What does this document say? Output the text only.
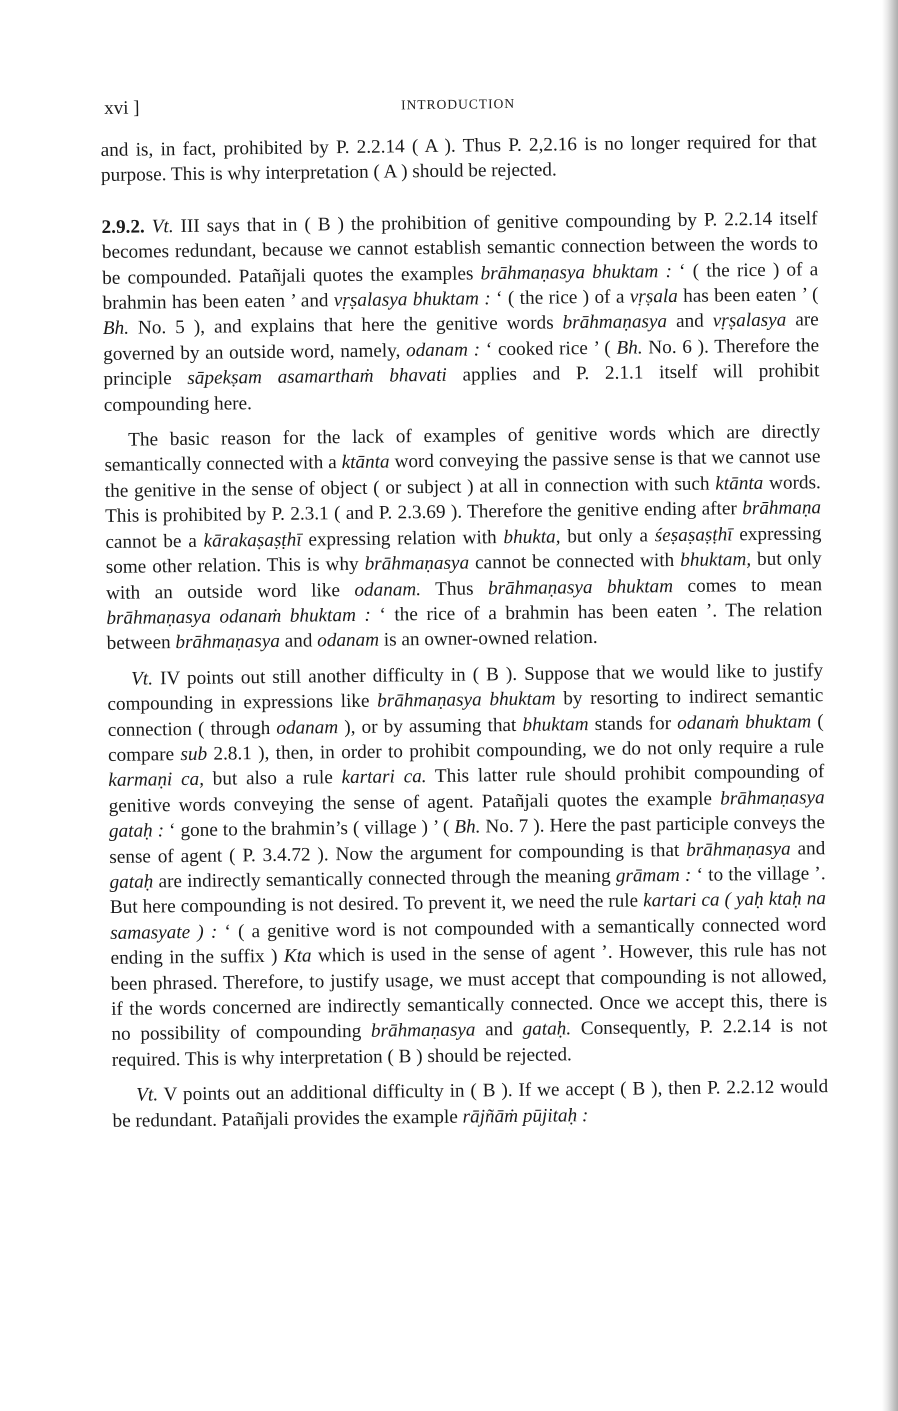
xvi ]	INTRODUCTION

and is, in fact, prohibited by P. 2.2.14 ( A ). Thus P. 2,2.16 is no longer required for that purpose. This is why interpretation ( A ) should be rejected.

2.9.2. Vt. III says that in ( B ) the prohibition of genitive compounding by P. 2.2.14 itself becomes redundant, because we cannot establish semantic connection between the words to be compounded. Patañjali quotes the examples brāhmaṇasya bhuktam : ‘ ( the rice ) of a brahmin has been eaten ’ and vṛṣalasya bhuktam : ‘ ( the rice ) of a vṛṣala has been eaten ’ ( Bh. No. 5 ), and explains that here the genitive words brāhmaṇasya and vṛṣalasya are governed by an outside word, namely, odanam : ‘ cooked rice ’ ( Bh. No. 6 ). Therefore the principle sāpekṣam asamarthaṁ bhavati applies and P. 2.1.1 itself will prohibit compounding here.

The basic reason for the lack of examples of genitive words which are directly semantically connected with a ktānta word conveying the passive sense is that we cannot use the genitive in the sense of object ( or subject ) at all in connection with such ktānta words. This is prohibited by P. 2.3.1 ( and P. 2.3.69 ). Therefore the genitive ending after brāhmaṇa cannot be a kārakaṣaṣṭhī expressing relation with bhukta, but only a śeṣaṣaṣṭhī expressing some other relation. This is why brāhmaṇasya cannot be connected with bhuktam, but only with an outside word like odanam. Thus brāhmaṇasya bhuktam comes to mean brāhmaṇasya odanaṁ bhuktam : ‘ the rice of a brahmin has been eaten ’. The relation between brāhmaṇasya and odanam is an owner-owned relation.

Vt. IV points out still another difficulty in ( B ). Suppose that we would like to justify compounding in expressions like brāhmaṇasya bhuktam by resorting to indirect semantic connection ( through odanam ), or by assuming that bhuktam stands for odanaṁ bhuktam ( compare sub 2.8.1 ), then, in order to prohibit compounding, we do not only require a rule karmaṇi ca, but also a rule kartari ca. This latter rule should prohibit compounding of genitive words conveying the sense of agent. Patañjali quotes the example brāhmaṇasya gataḥ : ‘ gone to the brahmin’s ( village ) ’ ( Bh. No. 7 ). Here the past participle conveys the sense of agent ( P. 3.4.72 ). Now the argument for compounding is that brāhmaṇasya and gataḥ are indirectly semantically connected through the meaning grāmam : ‘ to the village ’. But here compounding is not desired. To prevent it, we need the rule kartari ca ( yaḥ ktaḥ na samasyate ) : ‘ ( a genitive word is not compounded with a semantically connected word ending in the suffix ) Kta which is used in the sense of agent ’. However, this rule has not been phrased. Therefore, to justify usage, we must accept that compounding is not allowed, if the words concerned are indirectly semantically connected. Once we accept this, there is no possibility of compounding brāhmaṇasya and gataḥ. Consequently, P. 2.2.14 is not required. This is why interpretation ( B ) should be rejected.

Vt. V points out an additional difficulty in ( B ). If we accept ( B ), then P. 2.2.12 would be redundant. Patañjali provides the example rājñāṁ pūjitaḥ :
